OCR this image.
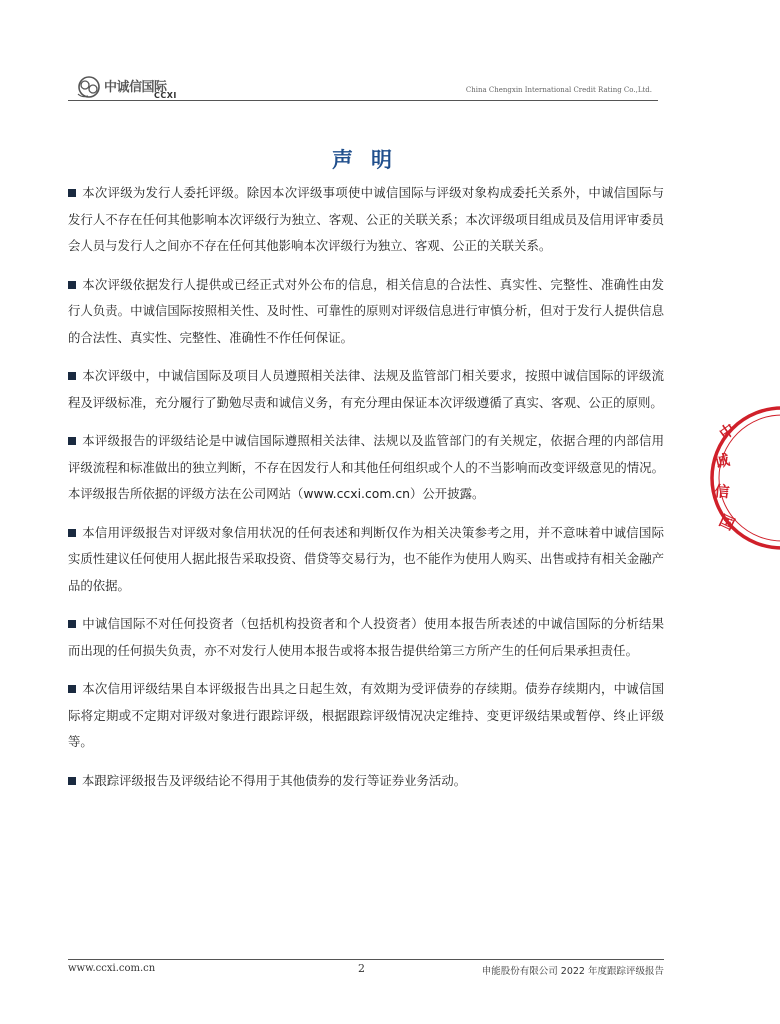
中诚信国际
CCXI
China Chengxin International Credit Rating Co.,Ltd.
声明

本次评级为发行人委托评级。除因本次评级事项使中诚信国际与评级对象构成委托关系外，中诚信国际与发行人不存在任何其他影响本次评级行为独立、客观、公正的关联关系；本次评级项目组成员及信用评审委员会人员与发行人之间亦不存在任何其他影响本次评级行为独立、客观、公正的关联关系。

本次评级依据发行人提供或已经正式对外公布的信息，相关信息的合法性、真实性、完整性、准确性由发行人负责。中诚信国际按照相关性、及时性、可靠性的原则对评级信息进行审慎分析，但对于发行人提供信息的合法性、真实性、完整性、准确性不作任何保证。

本次评级中，中诚信国际及项目人员遵照相关法律、法规及监管部门相关要求，按照中诚信国际的评级流程及评级标准，充分履行了勤勉尽责和诚信义务，有充分理由保证本次评级遵循了真实、客观、公正的原则。

本评级报告的评级结论是中诚信国际遵照相关法律、法规以及监管部门的有关规定，依据合理的内部信用评级流程和标准做出的独立判断，不存在因发行人和其他任何组织或个人的不当影响而改变评级意见的情况。本评级报告所依据的评级方法在公司网站（www.ccxi.com.cn）公开披露。

本信用评级报告对评级对象信用状况的任何表述和判断仅作为相关决策参考之用，并不意味着中诚信国际实质性建议任何使用人据此报告采取投资、借贷等交易行为，也不能作为使用人购买、出售或持有相关金融产品的依据。

中诚信国际不对任何投资者（包括机构投资者和个人投资者）使用本报告所表述的中诚信国际的分析结果而出现的任何损失负责，亦不对发行人使用本报告或将本报告提供给第三方所产生的任何后果承担责任。

本次信用评级结果自本评级报告出具之日起生效，有效期为受评债券的存续期。债券存续期内，中诚信国际将定期或不定期对评级对象进行跟踪评级，根据跟踪评级情况决定维持、变更评级结果或暂停、终止评级等。

本跟踪评级报告及评级结论不得用于其他债券的发行等证券业务活动。

中
诚
信
国
www.ccxi.com.cn	2	申能股份有限公司 2022 年度跟踪评级报告
